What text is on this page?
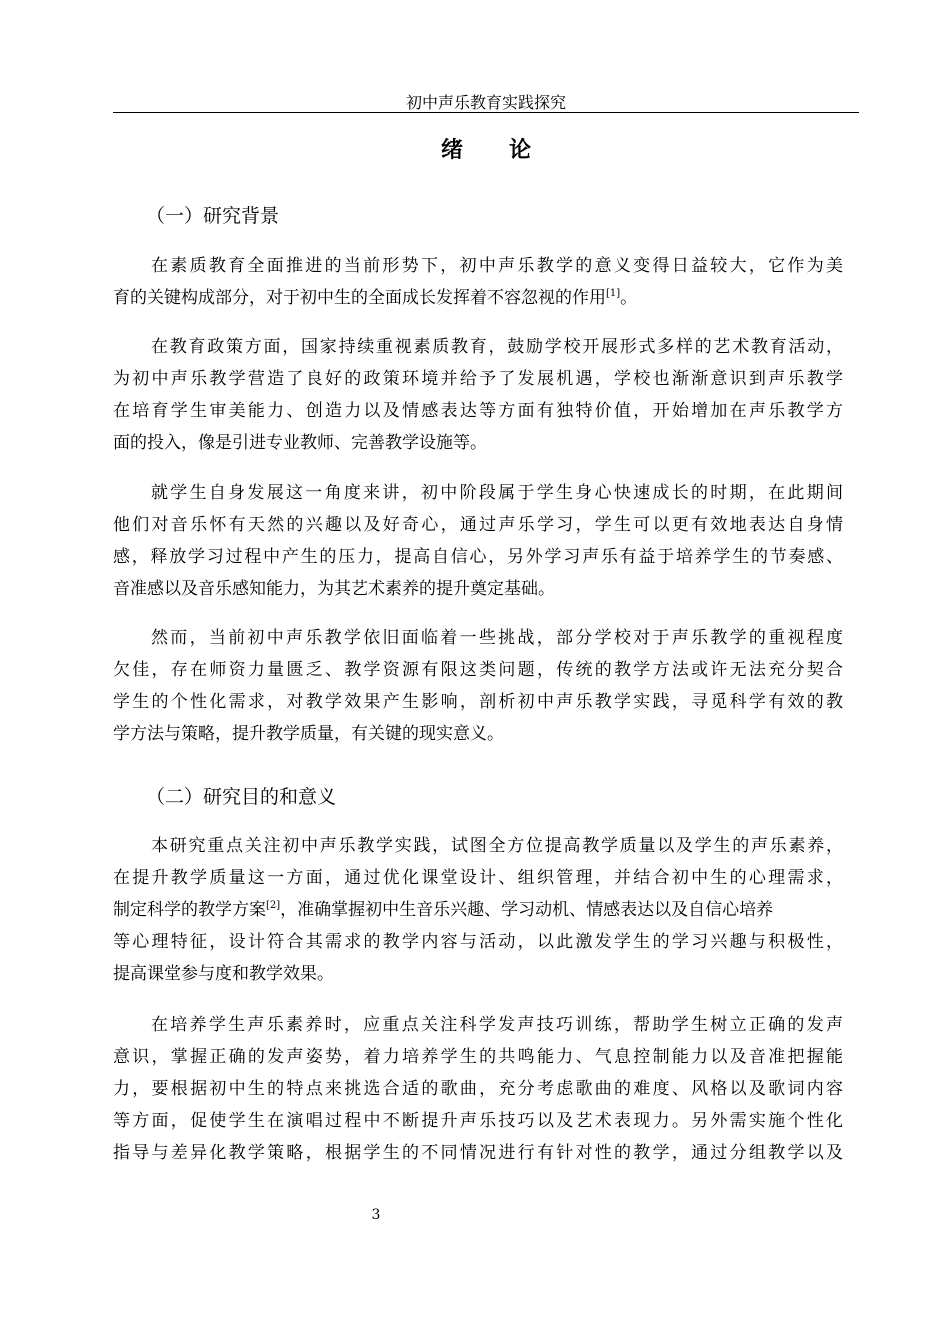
初中声乐教育实践探究
绪论
（一）研究背景
在素质教育全面推进的当前形势下，初中声乐教学的意义变得日益较大，它作为美
育的关键构成部分，对于初中生的全面成长发挥着不容忽视的作用[1]。
在教育政策方面，国家持续重视素质教育，鼓励学校开展形式多样的艺术教育活动，
为初中声乐教学营造了良好的政策环境并给予了发展机遇，学校也渐渐意识到声乐教学
在培育学生审美能力、创造力以及情感表达等方面有独特价值，开始增加在声乐教学方
面的投入，像是引进专业教师、完善教学设施等。
就学生自身发展这一角度来讲，初中阶段属于学生身心快速成长的时期，在此期间
他们对音乐怀有天然的兴趣以及好奇心，通过声乐学习，学生可以更有效地表达自身情
感，释放学习过程中产生的压力，提高自信心，另外学习声乐有益于培养学生的节奏感、
音准感以及音乐感知能力，为其艺术素养的提升奠定基础。
然而，当前初中声乐教学依旧面临着一些挑战，部分学校对于声乐教学的重视程度
欠佳，存在师资力量匮乏、教学资源有限这类问题，传统的教学方法或许无法充分契合
学生的个性化需求，对教学效果产生影响，剖析初中声乐教学实践，寻觅科学有效的教
学方法与策略，提升教学质量，有关键的现实意义。
（二）研究目的和意义
本研究重点关注初中声乐教学实践，试图全方位提高教学质量以及学生的声乐素养，
在提升教学质量这一方面，通过优化课堂设计、组织管理，并结合初中生的心理需求，
制定科学的教学方案[2]，准确掌握初中生音乐兴趣、学习动机、情感表达以及自信心培养
等心理特征，设计符合其需求的教学内容与活动，以此激发学生的学习兴趣与积极性，
提高课堂参与度和教学效果。
在培养学生声乐素养时，应重点关注科学发声技巧训练，帮助学生树立正确的发声
意识，掌握正确的发声姿势，着力培养学生的共鸣能力、气息控制能力以及音准把握能
力，要根据初中生的特点来挑选合适的歌曲，充分考虑歌曲的难度、风格以及歌词内容
等方面，促使学生在演唱过程中不断提升声乐技巧以及艺术表现力。另外需实施个性化
指导与差异化教学策略，根据学生的不同情况进行有针对性的教学，通过分组教学以及
3
